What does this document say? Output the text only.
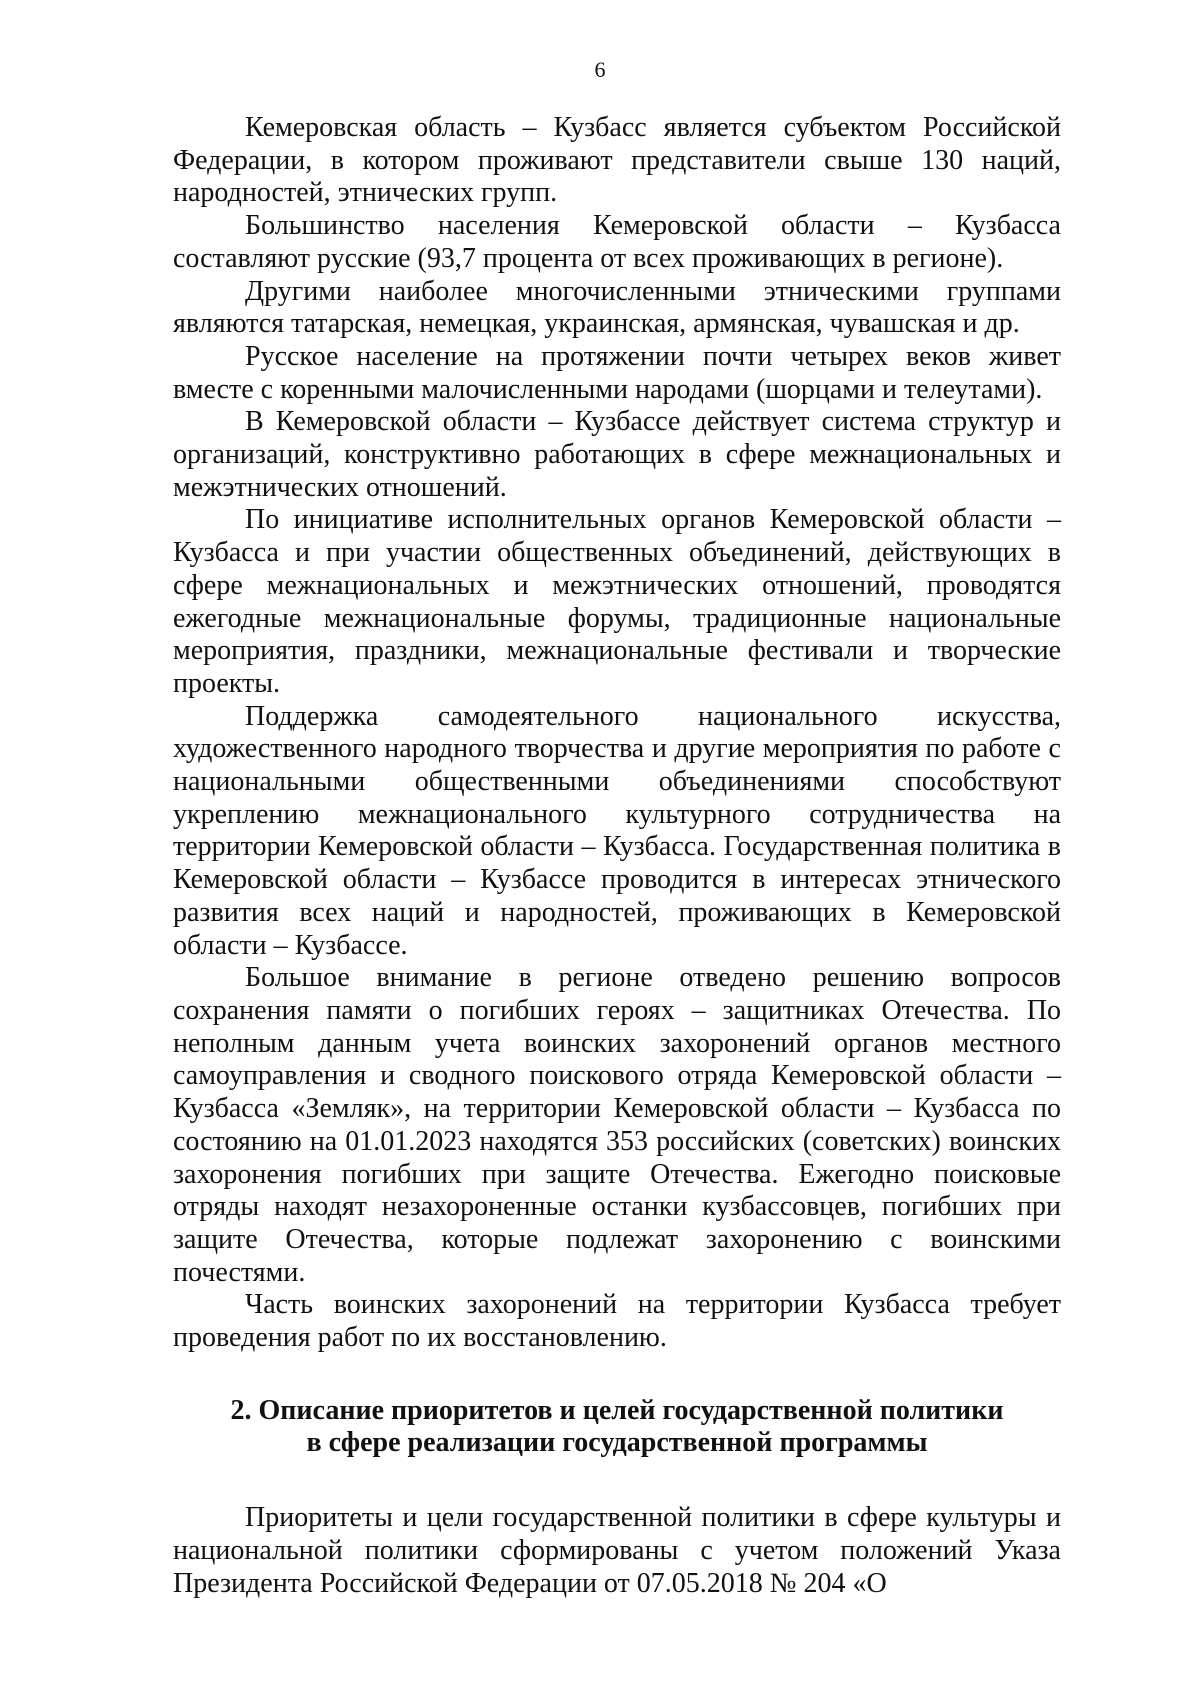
6

Кемеровская область – Кузбасс является субъектом Российской Федерации, в котором проживают представители свыше 130 наций, народностей, этнических групп.

Большинство населения Кемеровской области – Кузбасса составляют русские (93,7 процента от всех проживающих в регионе).

Другими наиболее многочисленными этническими группами являются татарская, немецкая, украинская, армянская, чувашская и др.

Русское население на протяжении почти четырех веков живет вместе с коренными малочисленными народами (шорцами и телеутами).

В Кемеровской области – Кузбассе действует система структур и организаций, конструктивно работающих в сфере межнациональных и межэтнических отношений.

По инициативе исполнительных органов Кемеровской области – Кузбасса и при участии общественных объединений, действующих в сфере межнациональных и межэтнических отношений, проводятся ежегодные межнациональные форумы, традиционные национальные мероприятия, праздники, межнациональные фестивали и творческие проекты.

Поддержка самодеятельного национального искусства, художественного народного творчества и другие мероприятия по работе с национальными общественными объединениями способствуют укреплению межнационального культурного сотрудничества на территории Кемеровской области – Кузбасса. Государственная политика в Кемеровской области – Кузбассе проводится в интересах этнического развития всех наций и народностей, проживающих в Кемеровской области – Кузбассе.

Большое внимание в регионе отведено решению вопросов сохранения памяти о погибших героях – защитниках Отечества. По неполным данным учета воинских захоронений органов местного самоуправления и сводного поискового отряда Кемеровской области – Кузбасса «Земляк», на территории Кемеровской области – Кузбасса по состоянию на 01.01.2023 находятся 353 российских (советских) воинских захоронения погибших при защите Отечества. Ежегодно поисковые отряды находят незахороненные останки кузбассовцев, погибших при защите Отечества, которые подлежат захоронению с воинскими почестями.

Часть воинских захоронений на территории Кузбасса требует проведения работ по их восстановлению.

2. Описание приоритетов и целей государственной политики
в сфере реализации государственной программы

Приоритеты и цели государственной политики в сфере культуры и национальной политики сформированы с учетом положений Указа Президента Российской Федерации от 07.05.2018 № 204 «О
